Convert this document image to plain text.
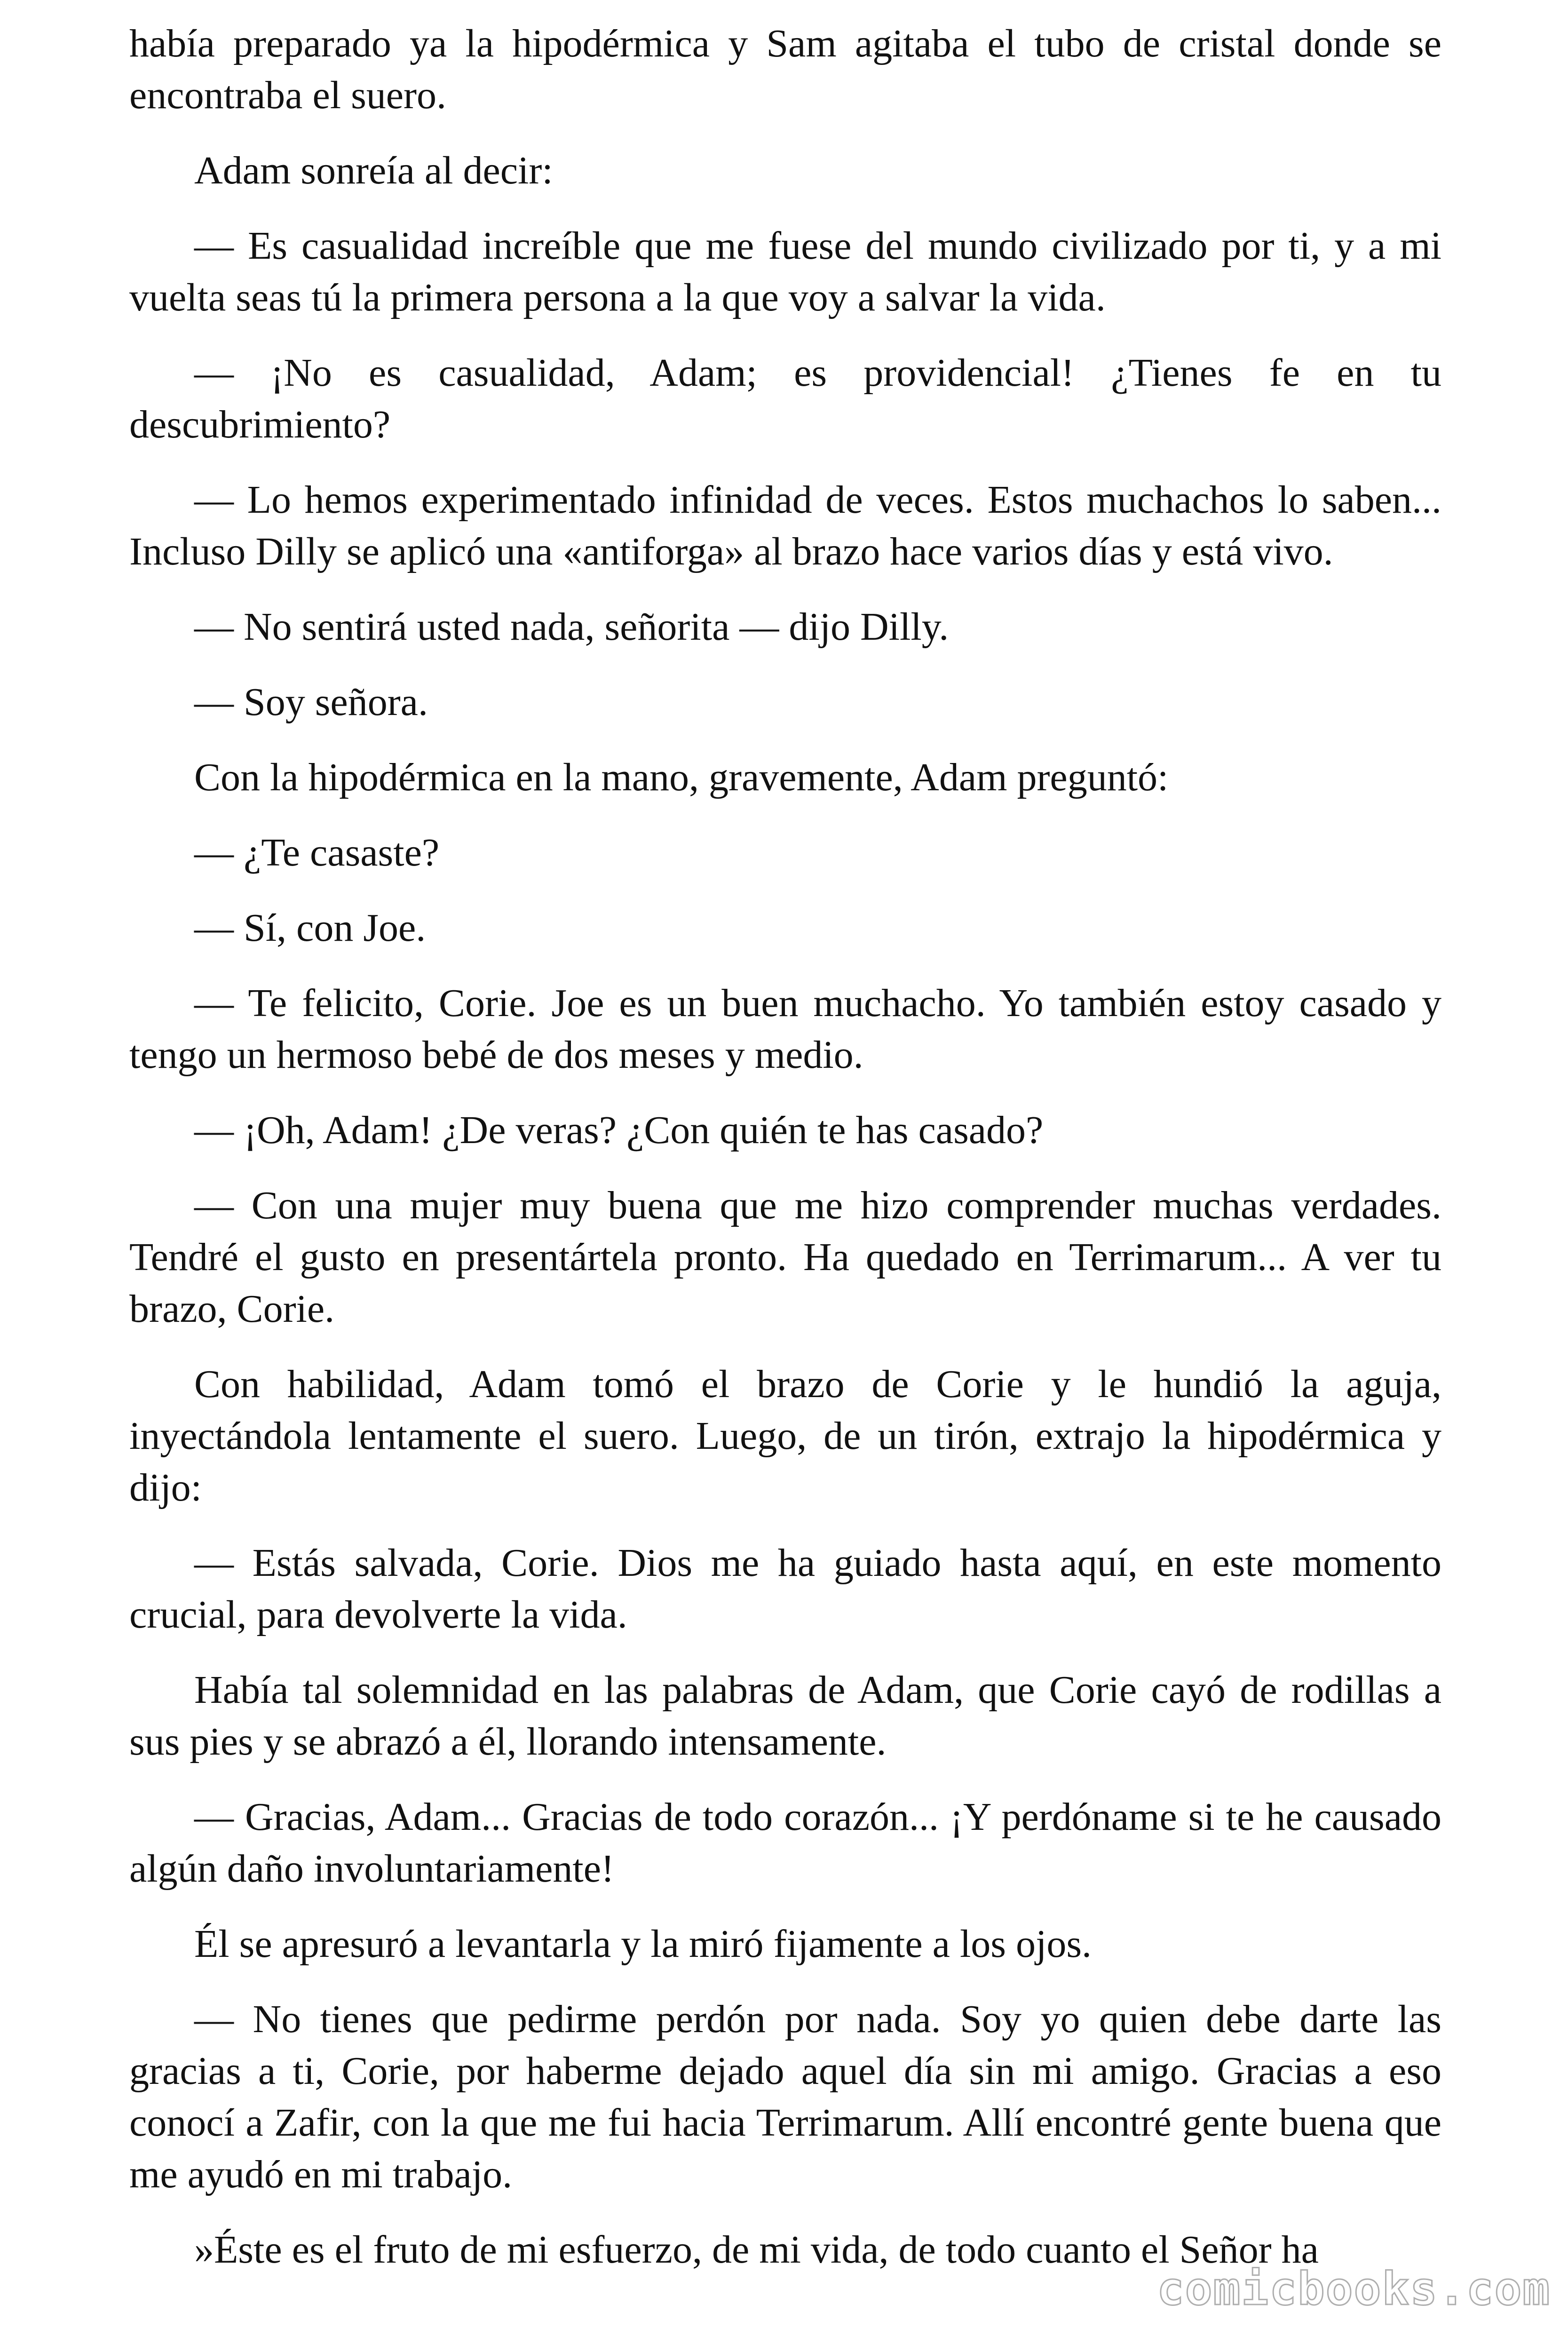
había preparado ya la hipodérmica y Sam agitaba el tubo de cristal donde se encontraba el suero.

Adam sonreía al decir:

— Es casualidad increíble que me fuese del mundo civilizado por ti, y a mi vuelta seas tú la primera persona a la que voy a salvar la vida.

— ¡No es casualidad, Adam; es providencial! ¿Tienes fe en tu descubrimiento?

— Lo hemos experimentado infinidad de veces. Estos muchachos lo saben... Incluso Dilly se aplicó una «antiforga» al brazo hace varios días y está vivo.

— No sentirá usted nada, señorita — dijo Dilly.

— Soy señora.

Con la hipodérmica en la mano, gravemente, Adam preguntó:

— ¿Te casaste?

— Sí, con Joe.

— Te felicito, Corie. Joe es un buen muchacho. Yo también estoy casado y tengo un hermoso bebé de dos meses y medio.

— ¡Oh, Adam! ¿De veras? ¿Con quién te has casado?

— Con una mujer muy buena que me hizo comprender muchas verdades. Tendré el gusto en presentártela pronto. Ha quedado en Terrimarum... A ver tu brazo, Corie.

Con habilidad, Adam tomó el brazo de Corie y le hundió la aguja, inyectándola lentamente el suero. Luego, de un tirón, extrajo la hipodérmica y dijo:

— Estás salvada, Corie. Dios me ha guiado hasta aquí, en este momento crucial, para devolverte la vida.

Había tal solemnidad en las palabras de Adam, que Corie cayó de rodillas a sus pies y se abrazó a él, llorando intensamente.

— Gracias, Adam... Gracias de todo corazón... ¡Y perdóname si te he causado algún daño involuntariamente!

Él se apresuró a levantarla y la miró fijamente a los ojos.

— No tienes que pedirme perdón por nada. Soy yo quien debe darte las gracias a ti, Corie, por haberme dejado aquel día sin mi amigo. Gracias a eso conocí a Zafir, con la que me fui hacia Terrimarum. Allí encontré gente buena que me ayudó en mi trabajo.

»Éste es el fruto de mi esfuerzo, de mi vida, de todo cuanto el Señor ha

comicbooks.com
